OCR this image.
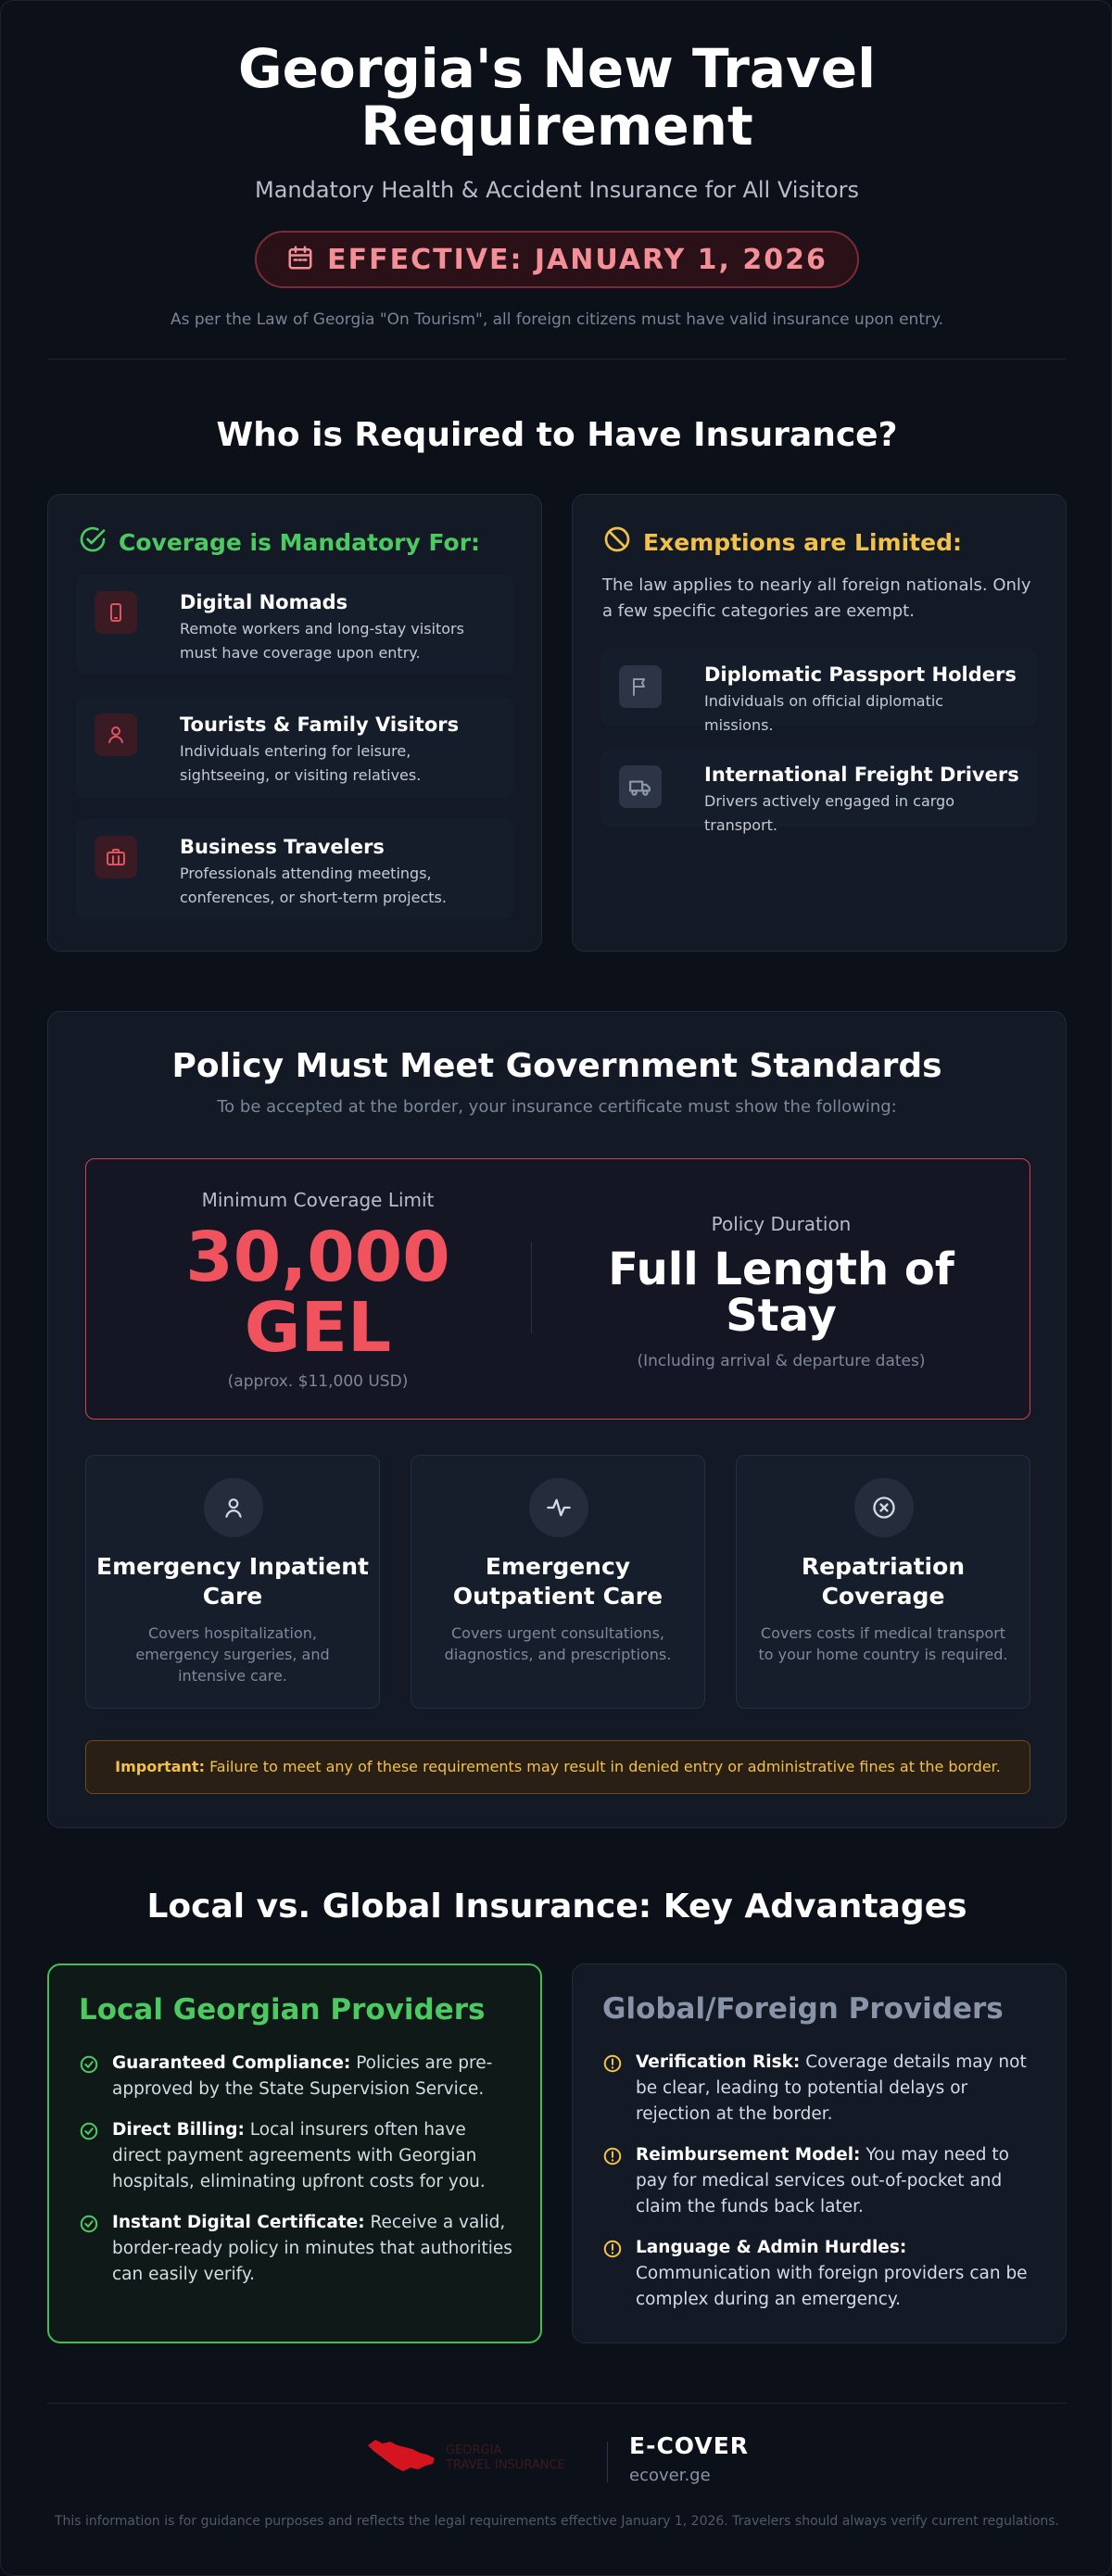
Georgia's New Travel Requirement
Mandatory Health & Accident Insurance for All Visitors
EFFECTIVE: JANUARY 1, 2026
As per the Law of Georgia "On Tourism", all foreign citizens must have valid insurance upon entry.
Who is Required to Have Insurance?
Coverage is Mandatory For:
Digital Nomads
Remote workers and long-stay visitors must have coverage upon entry.
Tourists & Family Visitors
Individuals entering for leisure, sightseeing, or visiting relatives.
Business Travelers
Professionals attending meetings, conferences, or short-term projects.
Exemptions are Limited:
The law applies to nearly all foreign nationals. Only a few specific categories are exempt.
Diplomatic Passport Holders
Individuals on official diplomatic missions.
International Freight Drivers
Drivers actively engaged in cargo transport.
Policy Must Meet Government Standards
To be accepted at the border, your insurance certificate must show the following:
Minimum Coverage Limit
30,000 GEL
(approx. $11,000 USD)
Policy Duration
Full Length of Stay
(Including arrival & departure dates)
Emergency Inpatient Care
Covers hospitalization, emergency surgeries, and intensive care.
Emergency Outpatient Care
Covers urgent consultations, diagnostics, and prescriptions.
Repatriation Coverage
Covers costs if medical transport to your home country is required.
Important: Failure to meet any of these requirements may result in denied entry or administrative fines at the border.
Local vs. Global Insurance: Key Advantages
Local Georgian Providers
Guaranteed Compliance: Policies are pre-approved by the State Supervision Service.
Direct Billing: Local insurers often have direct payment agreements with Georgian hospitals, eliminating upfront costs for you.
Instant Digital Certificate: Receive a valid, border-ready policy in minutes that authorities can easily verify.
Global/Foreign Providers
Verification Risk: Coverage details may not be clear, leading to potential delays or rejection at the border.
Reimbursement Model: You may need to pay for medical services out-of-pocket and claim the funds back later.
Language & Admin Hurdles: Communication with foreign providers can be complex during an emergency.
GEORGIA
TRAVEL INSURANCE
E-COVER
ecover.ge
This information is for guidance purposes and reflects the legal requirements effective January 1, 2026. Travelers should always verify current regulations.
